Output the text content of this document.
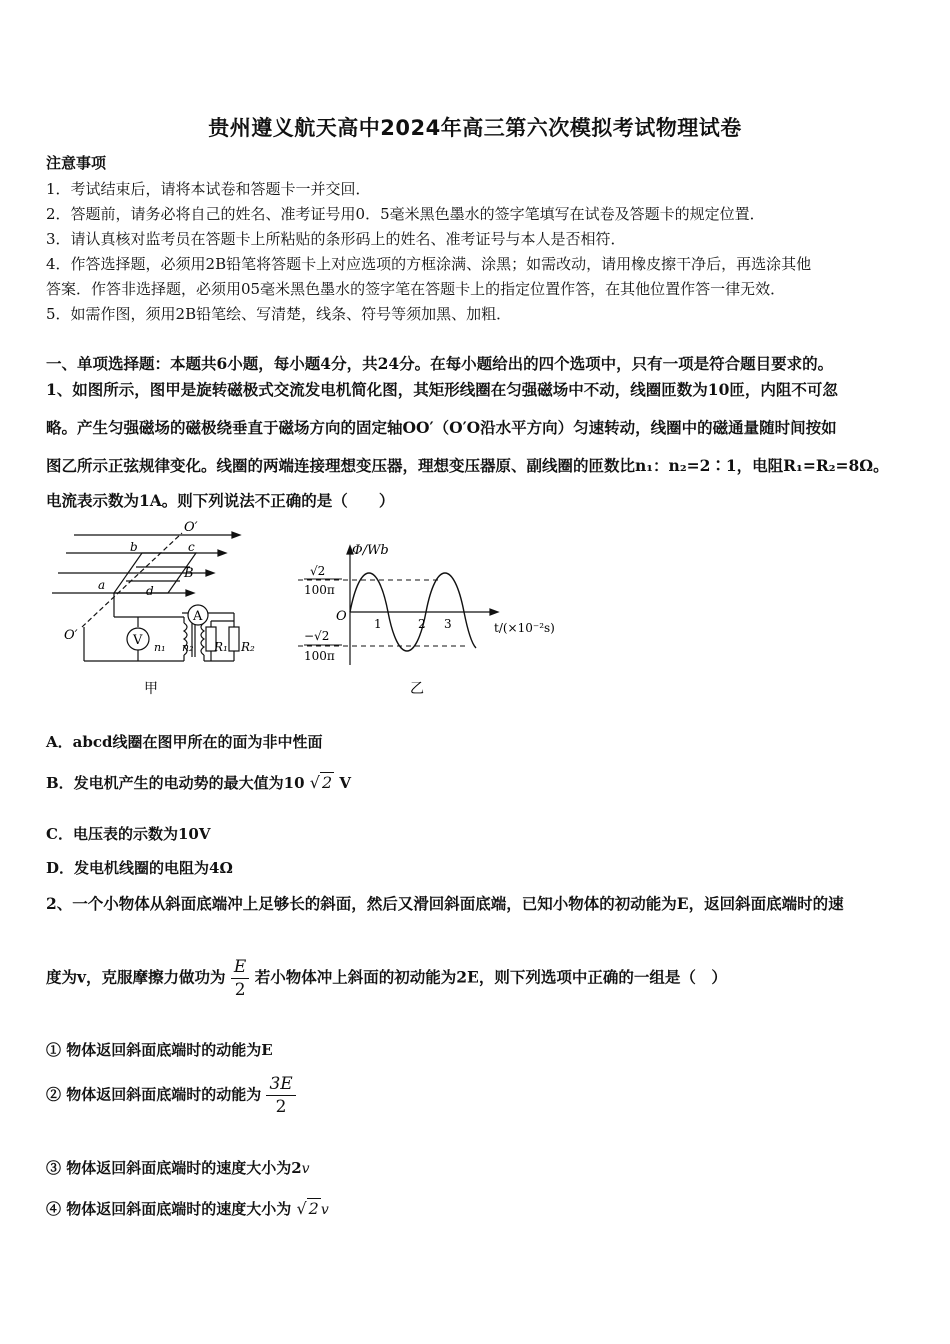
贵州遵义航天高中2024年高三第六次模拟考试物理试卷
注意事项
1．考试结束后，请将本试卷和答题卡一并交回．
2．答题前，请务必将自己的姓名、准考证号用0．5毫米黑色墨水的签字笔填写在试卷及答题卡的规定位置．
3．请认真核对监考员在答题卡上所粘贴的条形码上的姓名、准考证号与本人是否相符．
4．作答选择题，必须用2B铅笔将答题卡上对应选项的方框涂满、涂黑；如需改动，请用橡皮擦干净后，再选涂其他
答案．作答非选择题，必须用05毫米黑色墨水的签字笔在答题卡上的指定位置作答，在其他位置作答一律无效．
5．如需作图，须用2B铅笔绘、写清楚，线条、符号等须加黑、加粗．
一、单项选择题：本题共6小题，每小题4分，共24分。在每小题给出的四个选项中，只有一项是符合题目要求的。
1、如图所示，图甲是旋转磁极式交流发电机简化图，其矩形线圈在匀强磁场中不动，线圈匝数为10匝，内阻不可忽
略。产生匀强磁场的磁极绕垂直于磁场方向的固定轴OO′（O′O沿水平方向）匀速转动，线圈中的磁通量随时间按如
图乙所示正弦规律变化。线圈的两端连接理想变压器，理想变压器原、副线圈的匝数比n₁：n₂=2∶1，电阻R₁=R₂=8Ω。
电流表示数为1A。则下列说法不正确的是（　　）
A
V
O′
O′
b	c
B
a	d
n₁ n₂ R₁ R₂
甲
Φ/Wb
t/(×10⁻²s)
O
√2
100π
−√2
100π
1	2 3
乙
A．abcd线圈在图甲所在的面为非中性面
B．发电机产生的电动势的最大值为10 √ 2 V
C．电压表的示数为10V
D．发电机线圈的电阻为4Ω
2、一个小物体从斜面底端冲上足够长的斜面，然后又滑回斜面底端，已知小物体的初动能为E，返回斜面底端时的速
度为v，克服摩擦力做功为 $\frac{E}{2}$ 若小物体冲上斜面的初动能为2E，则下列选项中正确的一组是（　）
① 物体返回斜面底端时的动能为E
② 物体返回斜面底端时的动能为 $\frac{3E}{2}$
③ 物体返回斜面底端时的速度大小为2v
④ 物体返回斜面底端时的速度大小为 √ 2 v
